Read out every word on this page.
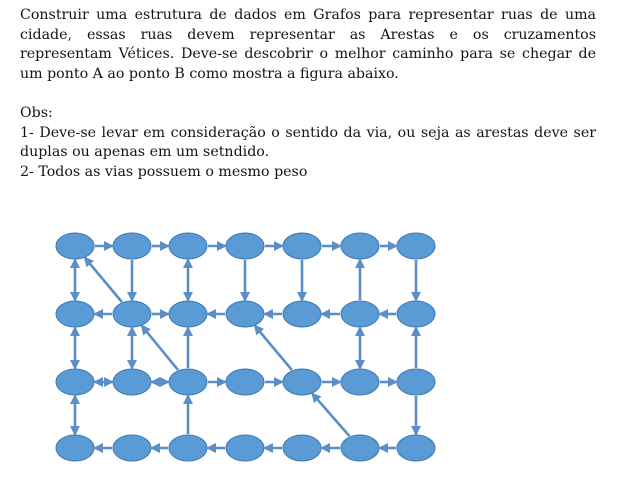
Construir uma estrutura de dados em Grafos para representar ruas de uma cidade, essas ruas devem representar as Arestas e os cruzamentos representam Vétices. Deve-se descobrir o melhor caminho para se chegar de um ponto A ao ponto B como mostra a figura abaixo.

Obs:

1- Deve-se levar em consideração o sentido da via, ou seja as arestas deve ser duplas ou apenas em um setndido.

2- Todos as vias possuem o mesmo peso
